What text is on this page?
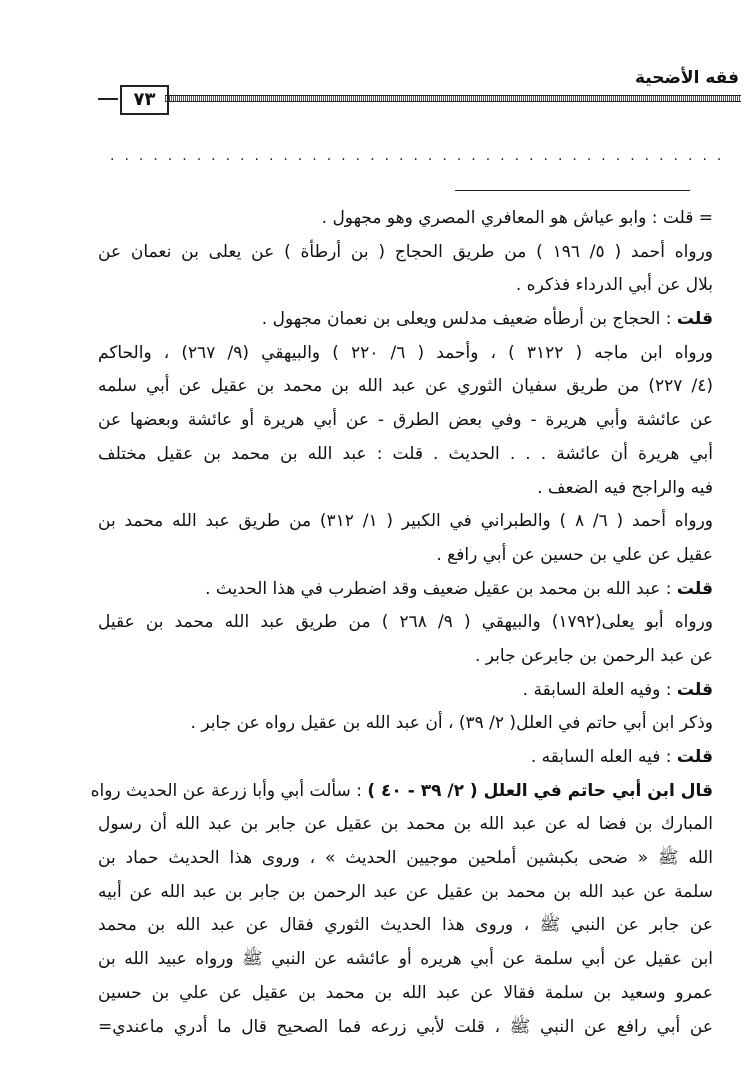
فقه الأضحية
٧٣
...........................................
= قلت : وابو عياش هو المعافري المصري وهو مجهول .
ورواه أحمد ( ٥/ ١٩٦ ) من طريق الحجاج ( بن أرطأة ) عن يعلى بن نعمان عن
بلال عن أبي الدرداء فذكره .
قلت : الحجاج بن أرطأه ضعيف مدلس ويعلى بن نعمان مجهول .
ورواه ابن ماجه ( ٣١٢٢ ) ، وأحمد ( ٦/ ٢٢٠ ) والبيهقي (٩/ ٢٦٧) ، والحاكم
(٤/ ٢٢٧) من طريق سفيان الثوري عن عبد الله بن محمد بن عقيل عن أبي سلمه
عن عائشة وأبي هريرة - وفي بعض الطرق - عن أبي هريرة أو عائشة وبعضها عن
أبي هريرة أن عائشة . . . الحديث . قلت : عبد الله بن محمد بن عقيل مختلف
فيه والراجح فيه الضعف .
ورواه أحمد ( ٦/ ٨ ) والطبراني في الكبير ( ١/ ٣١٢) من طريق عبد الله محمد بن
عقيل عن علي بن حسين عن أبي رافع .
قلت : عبد الله بن محمد بن عقيل ضعيف وقد اضطرب في هذا الحديث .
ورواه أبو يعلى(١٧٩٢) والبيهقي ( ٩/ ٢٦٨ ) من طريق عبد الله محمد بن عقيل
عن عبد الرحمن بن جابرعن جابر .
قلت : وفيه العلة السابقة .
وذكر ابن أبي حاتم في العلل( ٢/ ٣٩) ، أن عبد الله بن عقيل رواه عن جابر .
قلت : فيه العله السابقه .
قال ابن أبي حاتم في العلل ( ٢/ ٣٩ - ٤٠ ) : سألت أبي وأبا زرعة عن الحديث رواه
المبارك بن فضا له عن عبد الله بن محمد بن عقيل عن جابر بن عبد الله أن رسول
الله ﷺ « ضحى بكبشين أملحين موجيين الحديث » ، وروى هذا الحديث حماد بن
سلمة عن عبد الله بن محمد بن عقيل عن عبد الرحمن بن جابر بن عبد الله عن أبيه
عن جابر عن النبي ﷺ ، وروى هذا الحديث الثوري فقال عن عبد الله بن محمد
ابن عقيل عن أبي سلمة عن أبي هريره أو عائشه عن النبي ﷺ ورواه عبيد الله بن
عمرو وسعيد بن سلمة فقالا عن عبد الله بن محمد بن عقيل عن علي بن حسين
عن أبي رافع عن النبي ﷺ ، قلت لأبي زرعه فما الصحيح قال ما أدري ماعندي=
